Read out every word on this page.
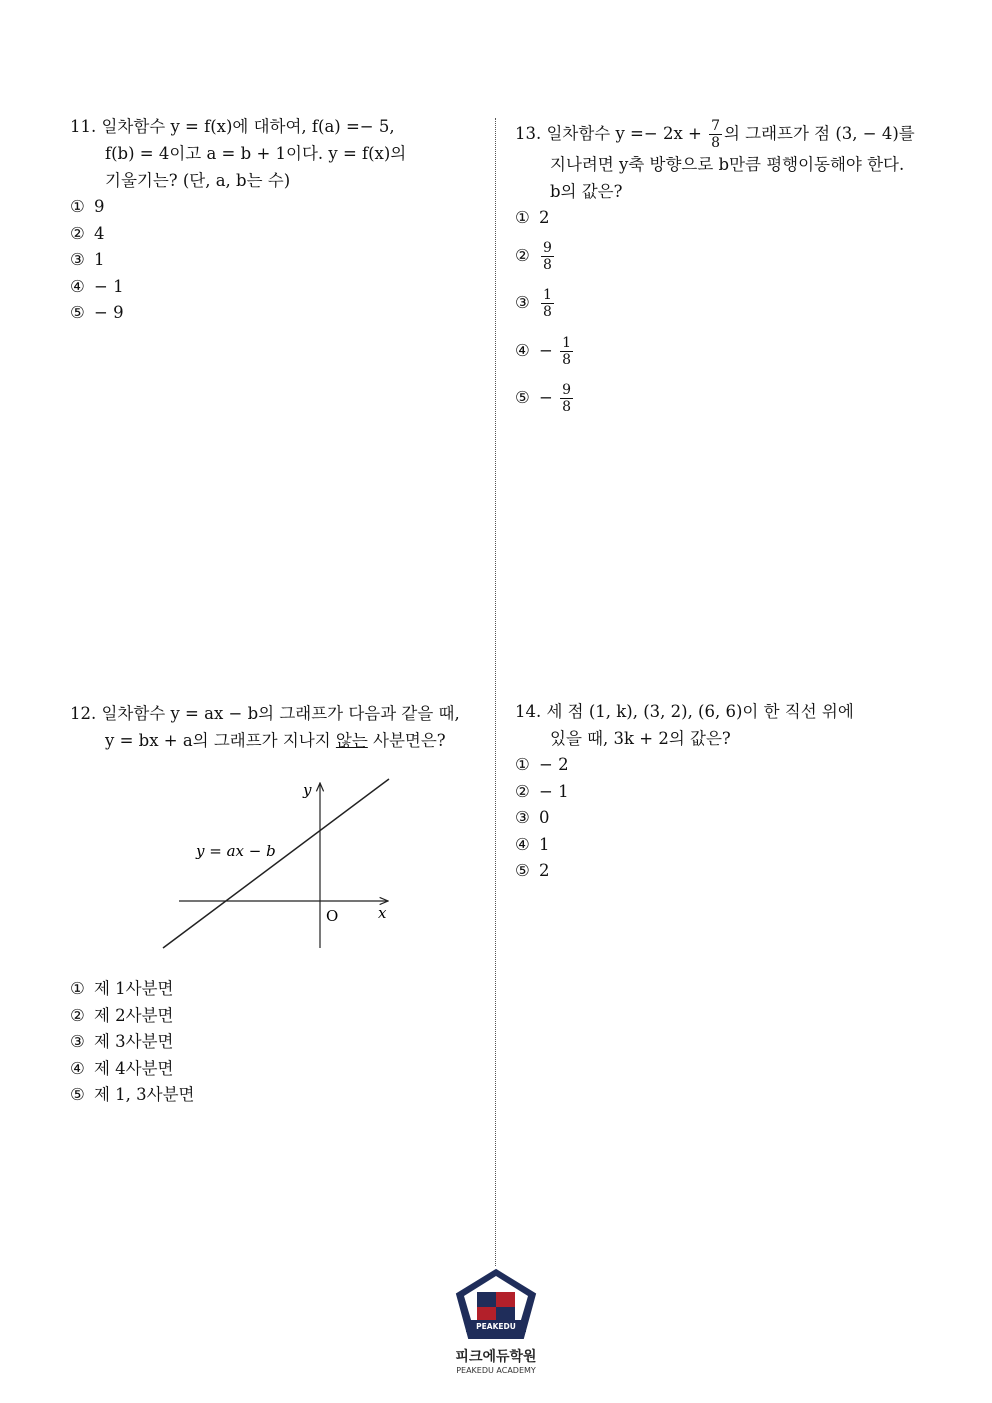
11. 일차함수 y = f(x)에 대하여, f(a) =− 5,
f(b) = 4이고 a = b + 1이다. y = f(x)의
기울기는? (단, a, b는 수)
① 9
② 4
③ 1
④ − 1
⑤ − 9
13. 일차함수 $y =- 2x + \frac{7}{8}$ 의 그래프가 점 (3, − 4)를
지나려면 y축 방향으로 b만큼 평행이동해야 한다.
b의 값은?
① 2
② $\frac{9}{8}$
③ $\frac{1}{8}$
④ − $\frac{1}{8}$
⑤ − $\frac{9}{8}$
12. 일차함수 y = ax − b의 그래프가 다음과 같을 때,
y = bx + a의 그래프가 지나지 않는 사분면은?
y
x
O
y = ax − b
① 제 1사분면
② 제 2사분면
③ 제 3사분면
④ 제 4사분면
⑤ 제 1, 3사분면
14. 세 점 (1, k), (3, 2), (6, 6)이 한 직선 위에
있을 때, 3k + 2의 값은?
① − 2
② − 1
③ 0
④ 1
⑤ 2
PEAKEDU
피크에듀학원
PEAKEDU ACADEMY
